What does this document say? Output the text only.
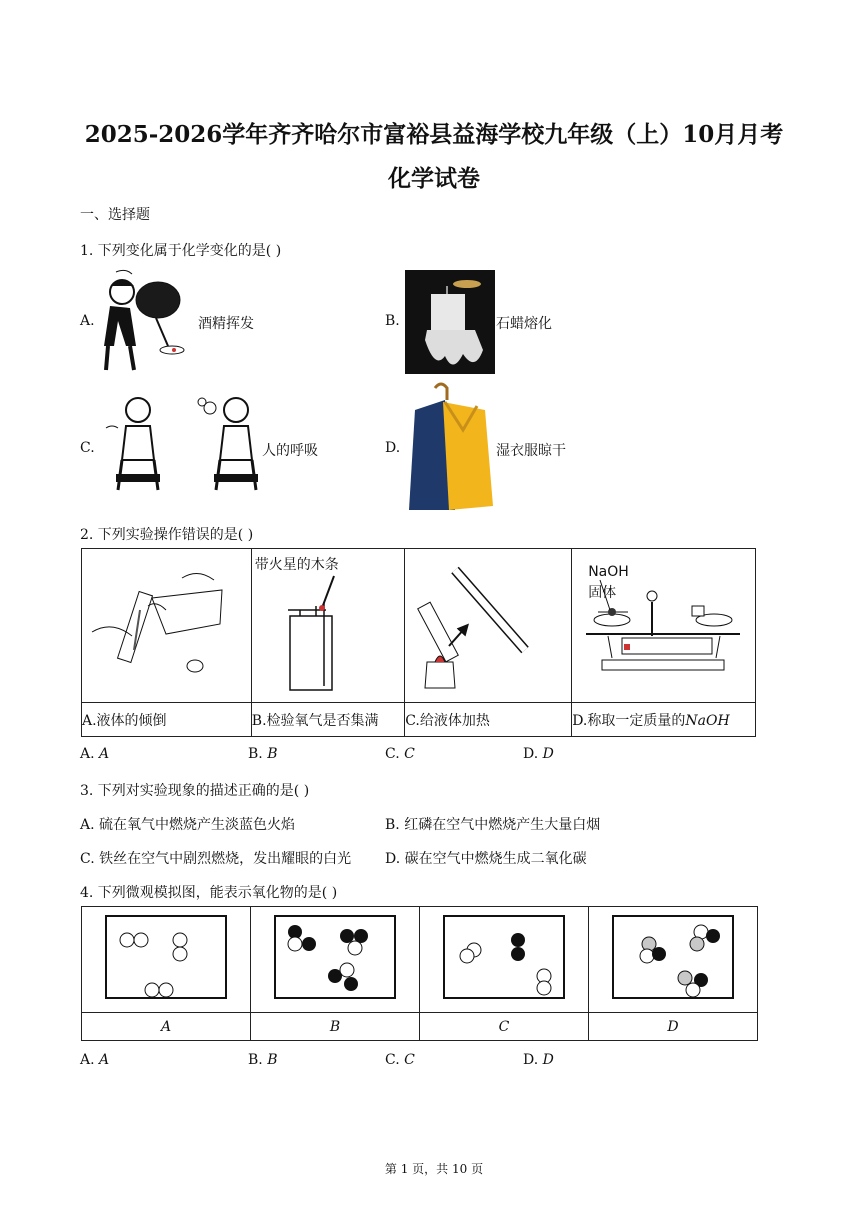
2025-2026学年齐齐哈尔市富裕县益海学校九年级（上）10月月考
化学试卷
一、选择题
1. 下列变化属于化学变化的是( )
A.	酒精挥发	B.	石蜡熔化
C.	人的呼吸	D.	湿衣服晾干
2. 下列实验操作错误的是( )

带火星的木条		NaOH
固体

A.液体的倾倒	B.检验氧气是否集满	C.给液体加热	D.称取一定质量的NaOH
A. A	B. B	C. C	D. D
3. 下列对实验现象的描述正确的是( )
A. 硫在氧气中燃烧产生淡蓝色火焰	B. 红磷在空气中燃烧产生大量白烟
C. 铁丝在空气中剧烈燃烧，发出耀眼的白光 D. 碳在空气中燃烧生成二氧化碳
4. 下列微观模拟图，能表示氧化物的是( )

A	B	C	D
A. A	B. B	C. C	D. D
第 1 页，共 10 页
